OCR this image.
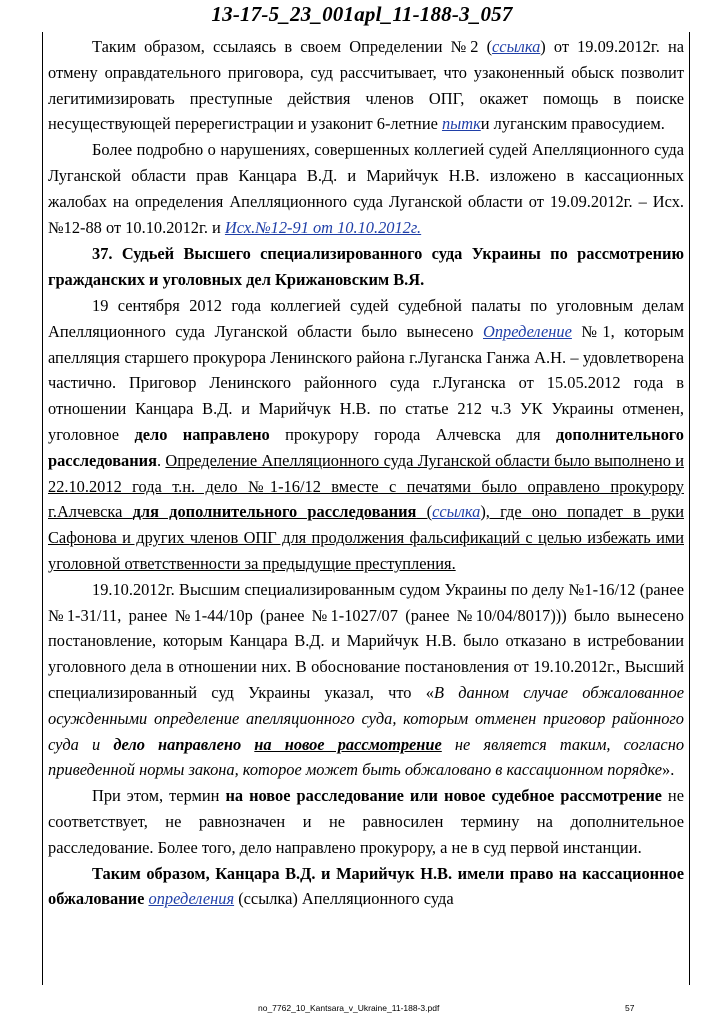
13-17-5_23_001apl_11-188-3_057

Таким образом, ссылаясь в своем Определении №2 (ссылка) от 19.09.2012г. на отмену оправдательного приговора, суд рассчитывает, что узаконенный обыск позволит легитимизировать преступные действия членов ОПГ, окажет помощь в поиске несуществующей перерегистрации и узаконит 6-летние пытки луганским правосудием.

Более подробно о нарушениях, совершенных коллегией судей Апелляционного суда Луганской области прав Канцара В.Д. и Марийчук Н.В. изложено в кассационных жалобах на определения Апелляционного суда Луганской области от 19.09.2012г. – Исх.№12-88 от 10.10.2012г. и Исх.№12-91 от 10.10.2012г.

37. Судьей Высшего специализированного суда Украины по рассмотрению гражданских и уголовных дел Крижановским В.Я.

19 сентября 2012 года коллегией судей судебной палаты по уголовным делам Апелляционного суда Луганской области было вынесено Определение №1, которым апелляция старшего прокурора Ленинского района г.Луганска Ганжа А.Н. – удовлетворена частично. Приговор Ленинского районного суда г.Луганска от 15.05.2012 года в отношении Канцара В.Д. и Марийчук Н.В. по статье 212 ч.3 УК Украины отменен, уголовное дело направлено прокурору города Алчевска для дополнительного расследования. Определение Апелляционного суда Луганской области было выполнено и 22.10.2012 года т.н. дело №1-16/12 вместе с печатями было оправлено прокурору г.Алчевска для дополнительного расследования (ссылка), где оно попадет в руки Сафонова и других членов ОПГ для продолжения фальсификаций с целью избежать ими уголовной ответственности за предыдущие преступления.

19.10.2012г. Высшим специализированным судом Украины по делу №1-16/12 (ранее №1-31/11, ранее №1-44/10р (ранее №1-1027/07 (ранее №10/04/8017))) было вынесено постановление, которым Канцара В.Д. и Марийчук Н.В. было отказано в истребовании уголовного дела в отношении них. В обоснование постановления от 19.10.2012г., Высший специализированный суд Украины указал, что «В данном случае обжалованное осужденными определение апелляционного суда, которым отменен приговор районного суда и дело направлено на новое рассмотрение не является таким, согласно приведенной нормы закона, которое может быть обжаловано в кассационном порядке».

При этом, термин на новое расследование или новое судебное рассмотрение не соответствует, не равнозначен и не равносилен термину на дополнительное расследование. Более того, дело направлено прокурору, а не в суд первой инстанции.

Таким образом, Канцара В.Д. и Марийчук Н.В. имели право на кассационное обжалование определения (ссылка) Апелляционного суда

no_7762_10_Kantsara_v_Ukraine_11-188-3.pdf	57
